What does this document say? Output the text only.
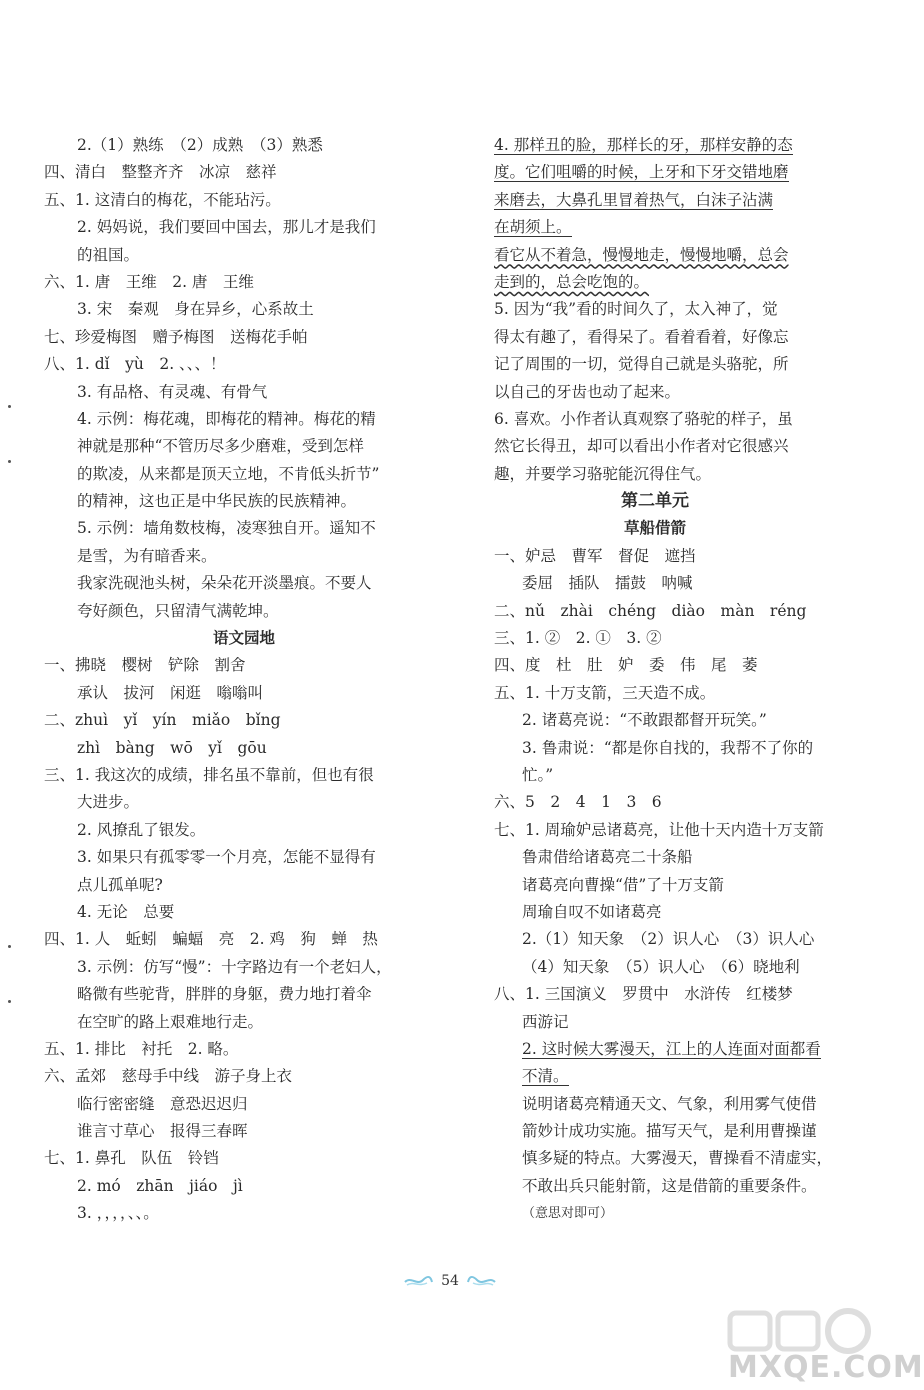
2.（1）熟练　（2）成熟　（3）熟悉
四、清白　整整齐齐　冰凉　慈祥
五、1. 这清白的梅花，不能玷污。
2. 妈妈说，我们要回中国去，那儿才是我们
的祖国。
六、1. 唐　王维　2. 唐　王维
3. 宋　秦观　身在异乡，心系故土
七、珍爱梅图　赠予梅图　送梅花手帕
八、1. dǐ　yù　2. 、、、！
3. 有品格、有灵魂、有骨气
4. 示例：梅花魂，即梅花的精神。梅花的精
神就是那种“不管历尽多少磨难，受到怎样
的欺凌，从来都是顶天立地，不肯低头折节”
的精神，这也正是中华民族的民族精神。
5. 示例：墙角数枝梅，凌寒独自开。遥知不
是雪，为有暗香来。
我家洗砚池头树，朵朵花开淡墨痕。不要人
夸好颜色，只留清气满乾坤。
语文园地
一、拂晓　樱树　铲除　割舍
承认　拔河　闲逛　嗡嗡叫
二、zhuì　yǐ　yín　miǎo　bǐng
zhì　bàng　wō　yǐ　gōu
三、1. 我这次的成绩，排名虽不靠前，但也有很
大进步。
2. 风撩乱了银发。
3. 如果只有孤零零一个月亮，怎能不显得有
点儿孤单呢?
4. 无论　总要
四、1. 人　蚯蚓　蝙蝠　亮　2. 鸡　狗　蝉　热
3. 示例：仿写“慢”：十字路边有一个老妇人，
略微有些驼背，胖胖的身躯，费力地打着伞
在空旷的路上艰难地行走。
五、1. 排比　衬托　2. 略。
六、孟郊　慈母手中线　游子身上衣
临行密密缝　意恐迟迟归
谁言寸草心　报得三春晖
七、1. 鼻孔　队伍　铃铛
2. mó　zhān　jiáo　jì
3. ，，，，、、。
4. 那样丑的脸，那样长的牙，那样安静的态
度。它们咀嚼的时候，上牙和下牙交错地磨
来磨去，大鼻孔里冒着热气，白沫子沾满
在胡须上。
看它从不着急，慢慢地走，慢慢地嚼，总会
走到的，总会吃饱的。
5. 因为“我”看的时间久了，太入神了，觉
得太有趣了，看得呆了。看着看着，好像忘
记了周围的一切，觉得自己就是头骆驼，所
以自己的牙齿也动了起来。
6. 喜欢。小作者认真观察了骆驼的样子，虽
然它长得丑，却可以看出小作者对它很感兴
趣，并要学习骆驼能沉得住气。
第二单元
草船借箭
一、妒忌　曹军　督促　遮挡
委屈　插队　擂鼓　呐喊
二、nǔ　zhài　chéng　diào　màn　réng
三、1. ②　2. ①　3. ②
四、度　杜　肚　妒　委　伟　尾　萎
五、1. 十万支箭，三天造不成。
2. 诸葛亮说：“不敢跟都督开玩笑。”
3. 鲁肃说：“都是你自找的，我帮不了你的
忙。”
六、5　2　4　1　3　6
七、1. 周瑜妒忌诸葛亮，让他十天内造十万支箭
鲁肃借给诸葛亮二十条船
诸葛亮向曹操“借”了十万支箭
周瑜自叹不如诸葛亮
2.（1）知天象　（2）识人心　（3）识人心
（4）知天象　（5）识人心　（6）晓地利
八、1. 三国演义　罗贯中　水浒传　红楼梦
西游记
2. 这时候大雾漫天，江上的人连面对面都看
不清。
说明诸葛亮精通天文、气象，利用雾气使借
箭妙计成功实施。描写天气，是利用曹操谨
慎多疑的特点。大雾漫天，曹操看不清虚实，
不敢出兵只能射箭，这是借箭的重要条件。
（意思对即可）
54
MXQE.COM
